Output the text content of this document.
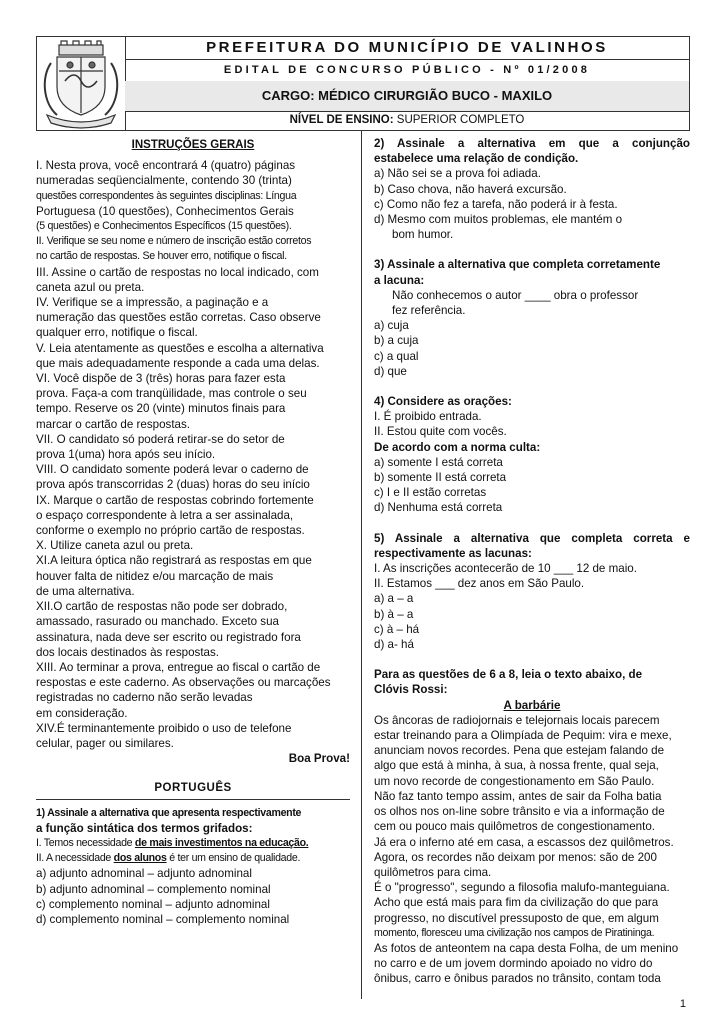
PREFEITURA DO MUNICÍPIO DE VALINHOS
EDITAL DE CONCURSO PÚBLICO - Nº 01/2008
CARGO: MÉDICO CIRURGIÃO BUCO - MAXILO
NÍVEL DE ENSINO: SUPERIOR COMPLETO
INSTRUÇÕES GERAIS
I. Nesta prova, você encontrará 4 (quatro) páginas
numeradas seqüencialmente, contendo 30 (trinta)
questões correspondentes às seguintes disciplinas: Língua
Portuguesa (10 questões), Conhecimentos Gerais
(5 questões) e Conhecimentos Específicos (15 questões).
II. Verifique se seu nome e número de inscrição estão corretos
no cartão de respostas. Se houver erro, notifique o fiscal.
III. Assine o cartão de respostas no local indicado, com
caneta azul ou preta.
IV. Verifique se a impressão, a paginação e a
numeração das questões estão corretas. Caso observe
qualquer erro, notifique o fiscal.
V. Leia atentamente as questões e escolha a alternativa
que mais adequadamente responde a cada uma delas.
VI. Você dispõe de 3 (três) horas para fazer esta
prova. Faça-a com tranqüilidade, mas controle o seu
tempo. Reserve os 20 (vinte) minutos finais para
marcar o cartão de respostas.
VII. O candidato só poderá retirar-se do setor de
prova 1(uma) hora após seu início.
VIII. O candidato somente poderá levar o caderno de
prova após transcorridas 2 (duas) horas do seu início
IX. Marque o cartão de respostas cobrindo fortemente
o espaço correspondente à letra a ser assinalada,
conforme o exemplo no próprio cartão de respostas.
X. Utilize caneta azul ou preta.
XI.A leitura óptica não registrará as respostas em que
houver falta de nitidez e/ou marcação de mais
de uma alternativa.
XII.O cartão de respostas não pode ser dobrado,
amassado, rasurado ou manchado. Exceto sua
assinatura, nada deve ser escrito ou registrado fora
dos locais destinados às respostas.
XIII. Ao terminar a prova, entregue ao fiscal o cartão de
respostas e este caderno. As observações ou marcações
registradas no caderno não serão levadas
em consideração.
XIV.É terminantemente proibido o uso de telefone
celular, pager ou similares.
Boa Prova!
PORTUGUÊS
1) Assinale a alternativa que apresenta respectivamente
a função sintática dos termos grifados:
I. Temos necessidade de mais investimentos na educação.
II. A necessidade dos alunos é ter um ensino de qualidade.
a) adjunto adnominal – adjunto adnominal
b) adjunto adnominal – complemento nominal
c) complemento nominal – adjunto adnominal
d) complemento nominal – complemento nominal
2) Assinale a alternativa em que a conjunção
estabelece uma relação de condição.
a) Não sei se a prova foi adiada.
b) Caso chova, não haverá excursão.
c) Como não fez a tarefa, não poderá ir à festa.
d) Mesmo com muitos problemas, ele mantém o
bom humor.
3) Assinale a alternativa que completa corretamente
a lacuna:
Não conhecemos o autor ____ obra o professor
fez referência.
a) cuja
b) a cuja
c) a qual
d) que
4) Considere as orações:
I. É proibido entrada.
II. Estou quite com vocês.
De acordo com a norma culta:
a) somente I está correta
b) somente II está correta
c) I e II estão corretas
d) Nenhuma está correta
5) Assinale a alternativa que completa correta e
respectivamente as lacunas:
I. As inscrições acontecerão de 10 ___ 12 de maio.
II. Estamos ___ dez anos em São Paulo.
a) a – a
b) à – a
c) à – há
d) a- há
Para as questões de 6 a 8, leia o texto abaixo, de
Clóvis Rossi:
A barbárie
Os âncoras de radiojornais e telejornais locais parecem
estar treinando para a Olimpíada de Pequim: vira e mexe,
anunciam novos recordes. Pena que estejam falando de
algo que está à minha, à sua, à nossa frente, qual seja,
um novo recorde de congestionamento em São Paulo.
Não faz tanto tempo assim, antes de sair da Folha batia
os olhos nos on-line sobre trânsito e via a informação de
cem ou pouco mais quilômetros de congestionamento.
Já era o inferno até em casa, a escassos dez quilômetros.
Agora, os recordes não deixam por menos: são de 200
quilômetros para cima.
É o "progresso", segundo a filosofia malufo-manteguiana.
Acho que está mais para fim da civilização do que para
progresso, no discutível pressuposto de que, em algum
momento, floresceu uma civilização nos campos de Piratininga.
As fotos de anteontem na capa desta Folha, de um menino
no carro e de um jovem dormindo apoiado no vidro do
ônibus, carro e ônibus parados no trânsito, contam toda
1
